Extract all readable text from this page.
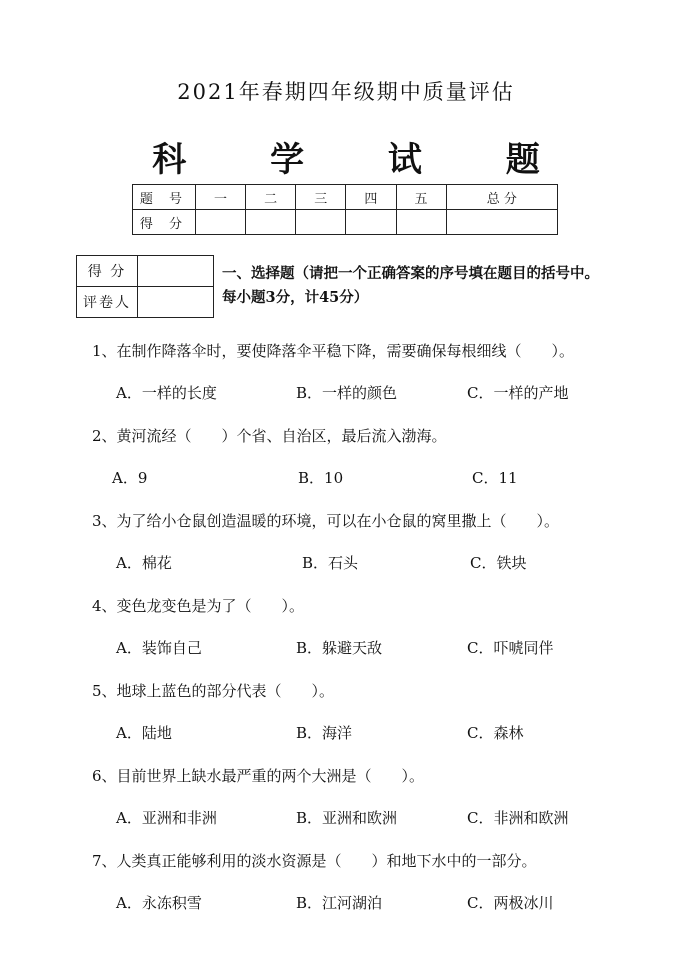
2021年春期四年级期中质量评估
科 学 试 题
题 号	一	二	三	四	五	总 分
得 分						
得 分	
评卷人	
一、选择题（请把一个正确答案的序号填在题目的括号中。
每小题3分，计45分）
1、在制作降落伞时，要使降落伞平稳下降，需要确保每根细线（　　）。
A．一样的长度	B．一样的颜色	C．一样的产地
2、黄河流经（　　）个省、自治区，最后流入渤海。
A．9	B．10	C．11
3、为了给小仓鼠创造温暖的环境，可以在小仓鼠的窝里撒上（　　）。
A．棉花	B．石头	C．铁块
4、变色龙变色是为了（　　）。
A．装饰自己	B．躲避天敌	C．吓唬同伴
5、地球上蓝色的部分代表（　　）。
A．陆地	B．海洋	C．森林
6、目前世界上缺水最严重的两个大洲是（　　）。
A．亚洲和非洲	B．亚洲和欧洲	C．非洲和欧洲
7、人类真正能够利用的淡水资源是（　　）和地下水中的一部分。
A．永冻积雪	B．江河湖泊	C．两极冰川
